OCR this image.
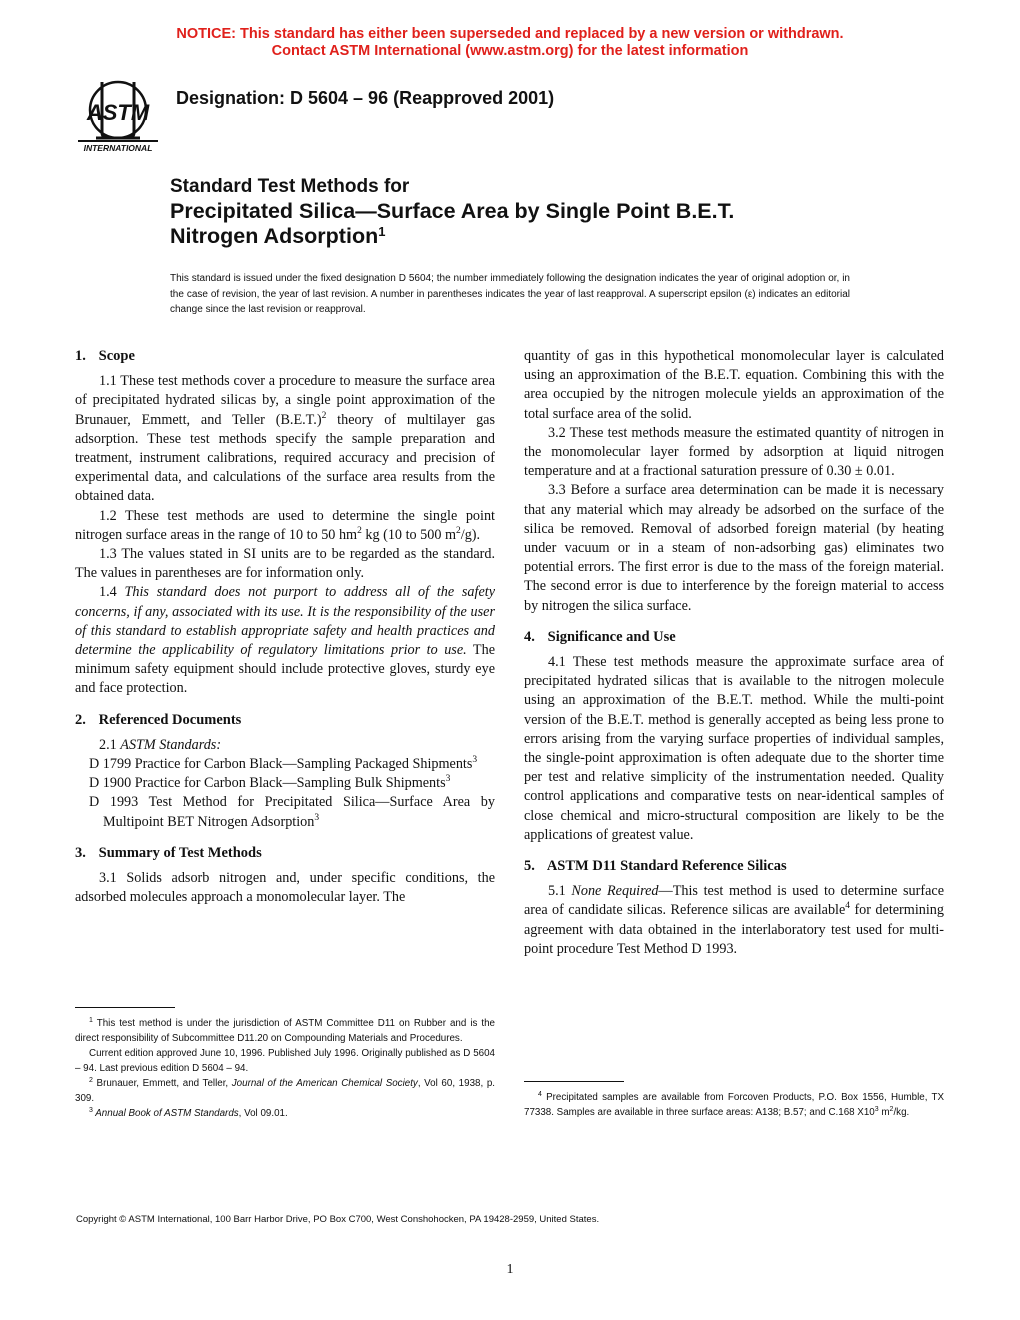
NOTICE: This standard has either been superseded and replaced by a new version or withdrawn.
Contact ASTM International (www.astm.org) for the latest information
ASTM
INTERNATIONAL
Designation: D 5604 – 96 (Reapproved 2001)
Standard Test Methods for
Precipitated Silica—Surface Area by Single Point B.E.T.
Nitrogen Adsorption$^1$
This standard is issued under the fixed designation D 5604; the number immediately following the designation indicates the year of original adoption or, in the case of revision, the year of last revision. A number in parentheses indicates the year of last reapproval. A superscript epsilon (ε) indicates an editorial change since the last revision or reapproval.
1. Scope

1.1 These test methods cover a procedure to measure the surface area of precipitated hydrated silicas by, a single point approximation of the Brunauer, Emmett, and Teller $(B.E.T.)^2$ theory of multilayer gas adsorption. These test methods specify the sample preparation and treatment, instrument calibrations, required accuracy and precision of experimental data, and calculations of the surface area results from the obtained data.

1.2 These test methods are used to determine the single point nitrogen surface areas in the range of 10 to 50 $hm^2$ kg (10 to 500 $m^2/g$).

1.3 The values stated in SI units are to be regarded as the standard. The values in parentheses are for information only.

1.4 This standard does not purport to address all of the safety concerns, if any, associated with its use. It is the responsibility of the user of this standard to establish appropriate safety and health practices and determine the applicability of regulatory limitations prior to use. The minimum safety equipment should include protective gloves, sturdy eye and face protection.

2. Referenced Documents

2.1 ASTM Standards:

D 1799 Practice for Carbon Black—Sampling Packaged Shipments$^3$

D 1900 Practice for Carbon Black—Sampling Bulk Shipments$^3$

D 1993 Test Method for Precipitated Silica—Surface Area by Multipoint BET Nitrogen Adsorption$^3$

3. Summary of Test Methods

3.1 Solids adsorb nitrogen and, under specific conditions, the adsorbed molecules approach a monomolecular layer. The

$^1$ This test method is under the jurisdiction of ASTM Committee D11 on Rubber and is the direct responsibility of Subcommittee D11.20 on Compounding Materials and Procedures.

Current edition approved June 10, 1996. Published July 1996. Originally published as D 5604 – 94. Last previous edition D 5604 – 94.

$^2$ Brunauer, Emmett, and Teller, Journal of the American Chemical Society, Vol 60, 1938, p. 309.

$^3$ Annual Book of ASTM Standards, Vol 09.01.

quantity of gas in this hypothetical monomolecular layer is calculated using an approximation of the B.E.T. equation. Combining this with the area occupied by the nitrogen molecule yields an approximation of the total surface area of the solid.

3.2 These test methods measure the estimated quantity of nitrogen in the monomolecular layer formed by adsorption at liquid nitrogen temperature and at a fractional saturation pressure of 0.30 ± 0.01.

3.3 Before a surface area determination can be made it is necessary that any material which may already be adsorbed on the surface of the silica be removed. Removal of adsorbed foreign material (by heating under vacuum or in a steam of non-adsorbing gas) eliminates two potential errors. The first error is due to the mass of the foreign material. The second error is due to interference by the foreign material to access by nitrogen the silica surface.

4. Significance and Use

4.1 These test methods measure the approximate surface area of precipitated hydrated silicas that is available to the nitrogen molecule using an approximation of the B.E.T. method. While the multi-point version of the B.E.T. method is generally accepted as being less prone to errors arising from the varying surface properties of individual samples, the single-point approximation is often adequate due to the shorter time per test and relative simplicity of the instrumentation needed. Quality control applications and comparative tests on near-identical samples of close chemical and micro-structural composition are likely to be the applications of greatest value.

5. ASTM D11 Standard Reference Silicas

5.1 None Required—This test method is used to determine surface area of candidate silicas. Reference silicas are available$^4$ for determining agreement with data obtained in the interlaboratory test used for multi-point procedure Test Method D 1993.

$^4$ Precipitated samples are available from Forcoven Products, P.O. Box 1556, Humble, TX 77338. Samples are available in three surface areas: A138; B.57; and C.168 $X10^3$ $m^2/kg$.

Copyright © ASTM International, 100 Barr Harbor Drive, PO Box C700, West Conshohocken, PA 19428-2959, United States.
1
